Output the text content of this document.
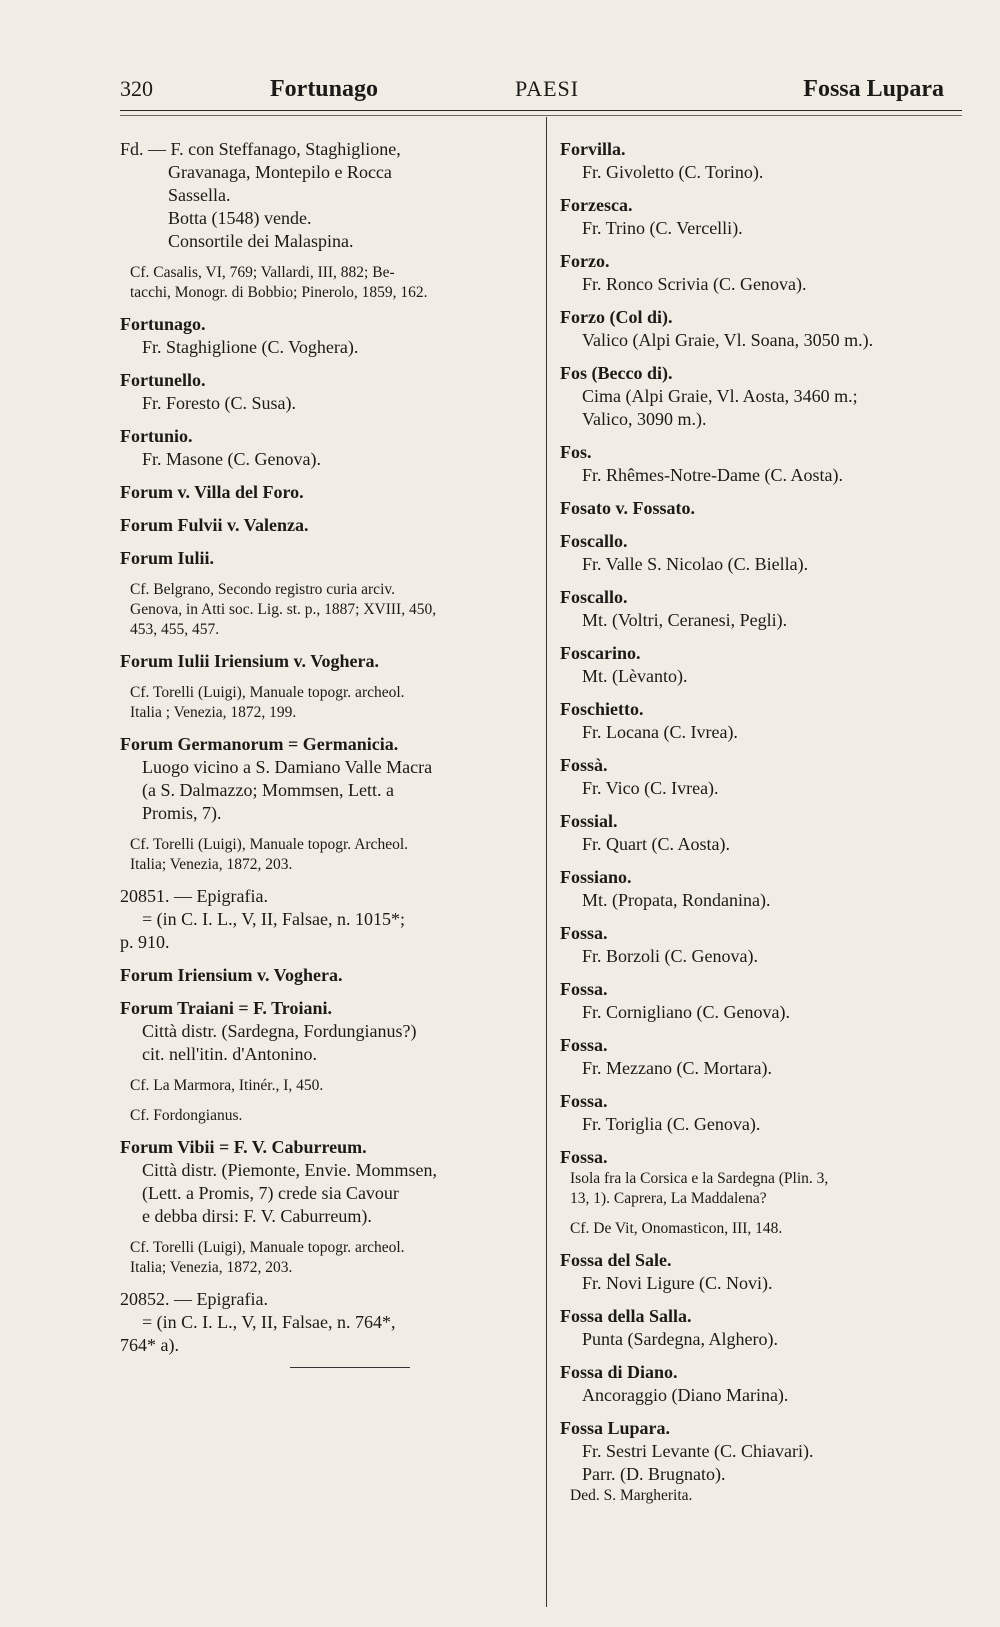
320	Fortunago	PAESI	Fossa Lupara
Fd. — F. con Steffanago, Staghiglione,
Gravanaga, Montepilo e Rocca
Sassella.
Botta (1548) vende.
Consortile dei Malaspina.
Cf. Casalis, VI, 769; Vallardi, III, 882; Be-
tacchi, Monogr. di Bobbio; Pinerolo, 1859, 162.
Fortunago.
Fr. Staghiglione (C. Voghera).
Fortunello.
Fr. Foresto (C. Susa).
Fortunio.
Fr. Masone (C. Genova).
Forum v. Villa del Foro.
Forum Fulvii v. Valenza.
Forum Iulii.
Cf. Belgrano, Secondo registro curia arciv.
Genova, in Atti soc. Lig. st. p., 1887; XVIII, 450,
453, 455, 457.
Forum Iulii Iriensium v. Voghera.
Cf. Torelli (Luigi), Manuale topogr. archeol.
Italia ; Venezia, 1872, 199.
Forum Germanorum = Germanicia.
Luogo vicino a S. Damiano Valle Macra
(a S. Dalmazzo; Mommsen, Lett. a
Promis, 7).
Cf. Torelli (Luigi), Manuale topogr. Archeol.
Italia; Venezia, 1872, 203.
20851. — Epigrafia.
= (in C. I. L., V, II, Falsae, n. 1015*;
p. 910.
Forum Iriensium v. Voghera.
Forum Traiani = F. Troiani.
Città distr. (Sardegna, Fordungianus?)
cit. nell'itin. d'Antonino.
Cf. La Marmora, Itinér., I, 450.
Cf. Fordongianus.
Forum Vibii = F. V. Caburreum.
Città distr. (Piemonte, Envie. Mommsen,
(Lett. a Promis, 7) crede sia Cavour
e debba dirsi: F. V. Caburreum).
Cf. Torelli (Luigi), Manuale topogr. archeol.
Italia; Venezia, 1872, 203.
20852. — Epigrafia.
= (in C. I. L., V, II, Falsae, n. 764*,
764* a).
Forvilla.
Fr. Givoletto (C. Torino).
Forzesca.
Fr. Trino (C. Vercelli).
Forzo.
Fr. Ronco Scrivia (C. Genova).
Forzo (Col di).
Valico (Alpi Graie, Vl. Soana, 3050 m.).
Fos (Becco di).
Cima (Alpi Graie, Vl. Aosta, 3460 m.;
Valico, 3090 m.).
Fos.
Fr. Rhêmes-Notre-Dame (C. Aosta).
Fosato v. Fossato.
Foscallo.
Fr. Valle S. Nicolao (C. Biella).
Foscallo.
Mt. (Voltri, Ceranesi, Pegli).
Foscarino.
Mt. (Lèvanto).
Foschietto.
Fr. Locana (C. Ivrea).
Fossà.
Fr. Vico (C. Ivrea).
Fossial.
Fr. Quart (C. Aosta).
Fossiano.
Mt. (Propata, Rondanina).
Fossa.
Fr. Borzoli (C. Genova).
Fossa.
Fr. Cornigliano (C. Genova).
Fossa.
Fr. Mezzano (C. Mortara).
Fossa.
Fr. Toriglia (C. Genova).
Fossa.
Isola fra la Corsica e la Sardegna (Plin. 3,
13, 1). Caprera, La Maddalena?
Cf. De Vit, Onomasticon, III, 148.
Fossa del Sale.
Fr. Novi Ligure (C. Novi).
Fossa della Salla.
Punta (Sardegna, Alghero).
Fossa di Diano.
Ancoraggio (Diano Marina).
Fossa Lupara.
Fr. Sestri Levante (C. Chiavari).
Parr. (D. Brugnato).
Ded. S. Margherita.
